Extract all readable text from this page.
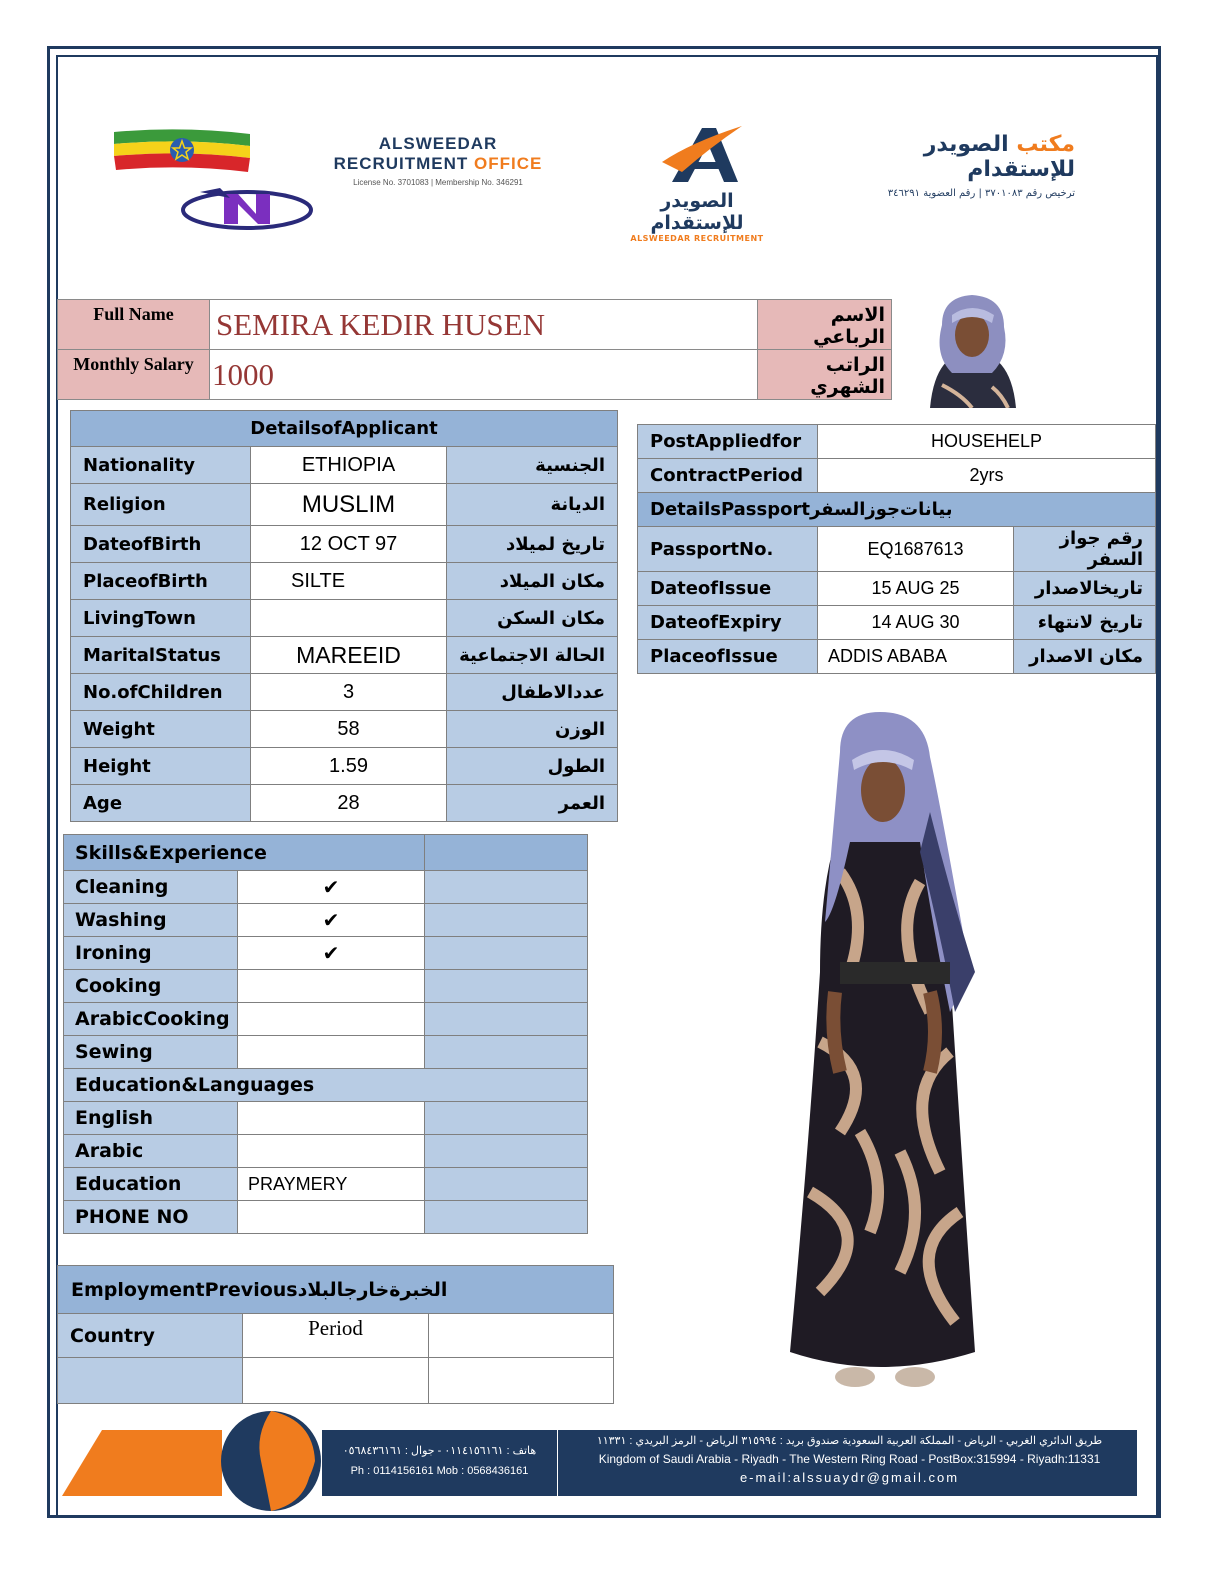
ALSWEEDAR
RECRUITMENT OFFICE
License No. 3701083 | Membership No. 346291
الصويدر للإستقدام
ALSWEEDAR RECRUITMENT
مكتب الصويدر للإستقدام
ترخيص رقم ٣٧٠١٠٨٣ | رقم العضوية ٣٤٦٢٩١
Full Name	SEMIRA KEDIR HUSEN	الاسم الرباعي
Monthly Salary	1000	الراتب الشهري
DetailsofApplicant		
Nationality	ETHIOPIA	الجنسية
Religion	MUSLIM	الديانة
DateofBirth	12 OCT 97	تاريخ لميلاد
PlaceofBirth	SILTE	مكان الميلاد
LivingTown		مكان السكن
MaritalStatus	MAREEID	الحالة الاجتماعية
No.ofChildren	3	عددالاطفال
Weight	58	الوزن
Height	1.59	الطول
Age	28	العمر
PostAppliedfor	HOUSEHELP	
ContractPeriod	2yrs	
DetailsPassportبيانات‌جوزالسفر		
PassportNo.	EQ1687613	رقم جواز السفر
DateofIssue	15 AUG 25	تاريخالاصدار
DateofExpiry	14 AUG 30	تاريخ لانتهاء
PlaceofIssue	ADDIS ABABA	مكان الاصدار
Skills&Experience		
Cleaning	✔	
Washing	✔	
Ironing	✔	
Cooking		
ArabicCooking		
Sewing		
Education&Languages		
English		
Arabic		
Education	PRAYMERY	
PHONE NO		
EmploymentPreviousالخبرةخارجالبلاد		
Country	Period	

هاتف : ٠١١٤١٥٦١٦١ - جوال : ٠٥٦٨٤٣٦١٦١
Ph : 0114156161 Mob : 0568436161
طريق الدائري الغربي - الرياض - المملكة العربية السعودية صندوق بريد : ٣١٥٩٩٤ الرياض - الرمز البريدي : ١١٣٣١
Kingdom of Saudi Arabia - Riyadh - The Western Ring Road - PostBox:315994 - Riyadh:11331
e-mail:alssuaydr@gmail.com
